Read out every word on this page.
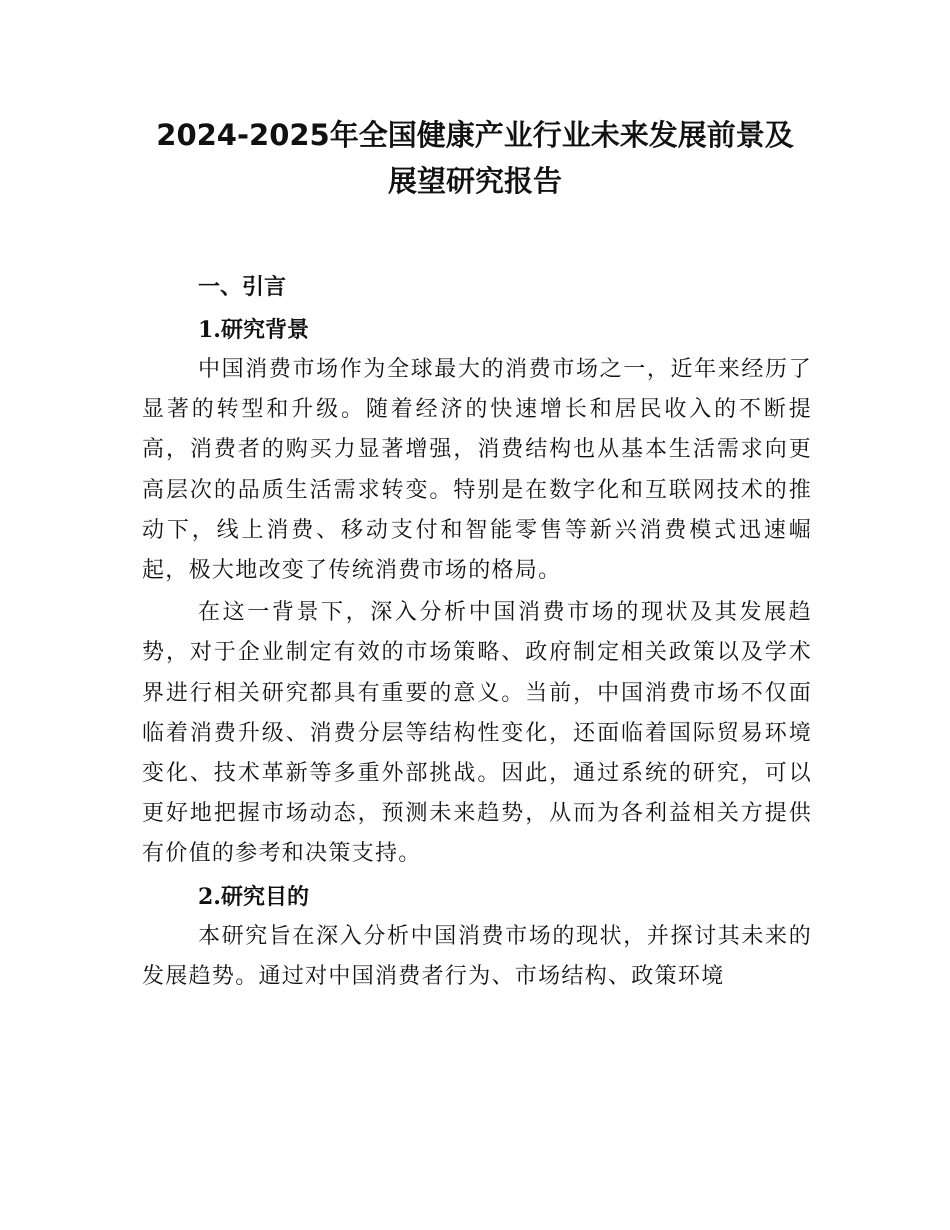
2024-2025年全国健康产业行业未来发展前景及
展望研究报告
一、引言
1.研究背景

中国消费市场作为全球最大的消费市场之一，近年来经历了显著的转型和升级。随着经济的快速增长和居民收入的不断提高，消费者的购买力显著增强，消费结构也从基本生活需求向更高层次的品质生活需求转变。特别是在数字化和互联网技术的推动下，线上消费、移动支付和智能零售等新兴消费模式迅速崛起，极大地改变了传统消费市场的格局。

在这一背景下，深入分析中国消费市场的现状及其发展趋势，对于企业制定有效的市场策略、政府制定相关政策以及学术界进行相关研究都具有重要的意义。当前，中国消费市场不仅面临着消费升级、消费分层等结构性变化，还面临着国际贸易环境变化、技术革新等多重外部挑战。因此，通过系统的研究，可以更好地把握市场动态，预测未来趋势，从而为各利益相关方提供有价值的参考和决策支持。

2.研究目的

本研究旨在深入分析中国消费市场的现状，并探讨其未来的发展趋势。通过对中国消费者行为、市场结构、政策环境
